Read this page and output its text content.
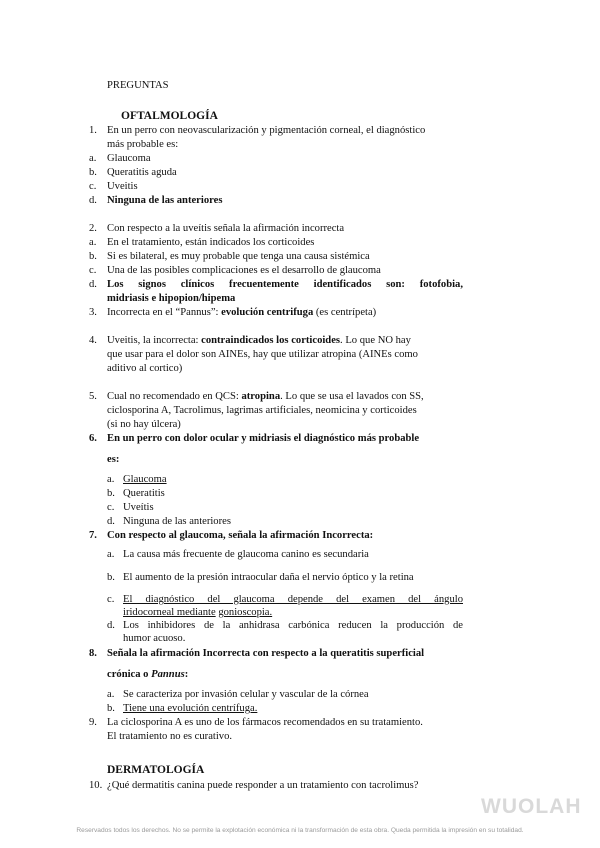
PREGUNTAS
OFTALMOLOGÍA
1. En un perro con neovascularización y pigmentación corneal, el diagnóstico
más probable es:
a. Glaucoma
b. Queratitis aguda
c. Uveitis
d. Ninguna de las anteriores
2. Con respecto a la uveítis señala la afirmación incorrecta
a. En el tratamiento, están indicados los corticoides
b. Si es bilateral, es muy probable que tenga una causa sistémica
c. Una de las posibles complicaciones es el desarrollo de glaucoma
d. Los signos clínicos frecuentemente identificados son: fotofobia,
midriasis e hipopion/hipema
3. Incorrecta en el “Pannus”: evolución centrifuga (es centrípeta)
4. Uveitis, la incorrecta: contraindicados los corticoides. Lo que NO hay
que usar para el dolor son AINEs, hay que utilizar atropina (AINEs como
aditivo al cortico)
5. Cual no recomendado en QCS: atropina. Lo que se usa el lavados con SS,
ciclosporina A, Tacrolimus, lagrimas artificiales, neomicina y corticoides
(si no hay úlcera)
6. En un perro con dolor ocular y midriasis el diagnóstico más probable
es:
a. Glaucoma
b. Queratitis
c. Uveítis
d. Ninguna de las anteriores
7. Con respecto al glaucoma, señala la afirmación Incorrecta:
a. La causa más frecuente de glaucoma canino es secundaria
b. El aumento de la presión intraocular daña el nervio óptico y la retina
c. El diagnóstico del glaucoma depende del examen del ángulo
iridocorneal mediante gonioscopia.
d. Los inhibidores de la anhidrasa carbónica reducen la producción de
humor acuoso.
8. Señala la afirmación Incorrecta con respecto a la queratitis superficial
crónica o Pannus:
a. Se caracteriza por invasión celular y vascular de la córnea
b. Tiene una evolución centrífuga.
9. La ciclosporina A es uno de los fármacos recomendados en su tratamiento.
El tratamiento no es curativo.
DERMATOLOGÍA
10. ¿Qué dermatitis canina puede responder a un tratamiento con tacrolimus?
WUOLAH
Reservados todos los derechos. No se permite la explotación económica ni la transformación de esta obra. Queda permitida la impresión en su totalidad.
